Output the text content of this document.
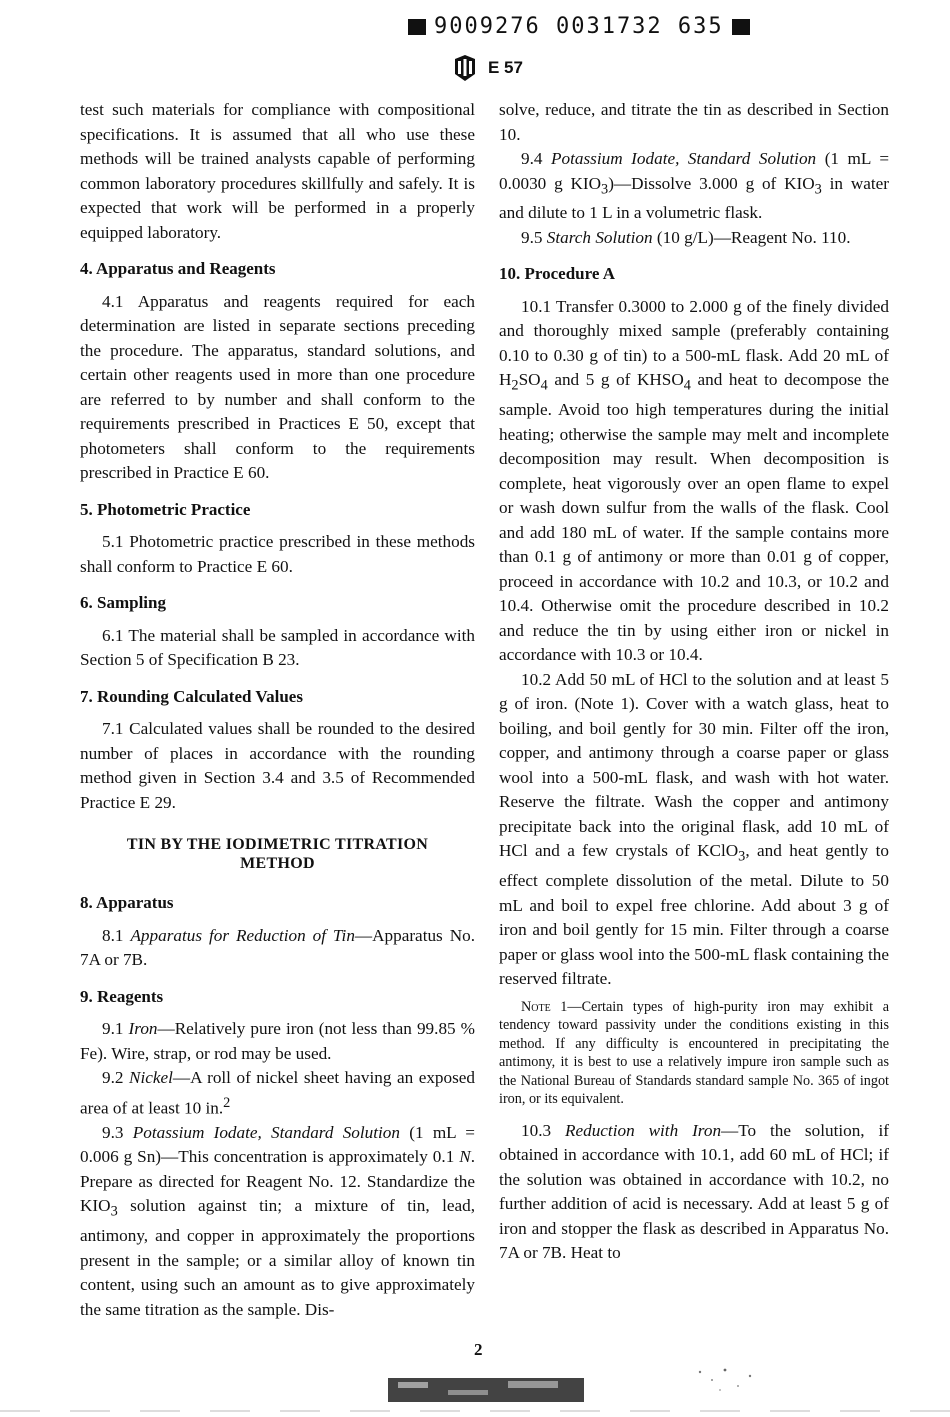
9009276 0031732 635
E 57

test such materials for compliance with compositional specifications. It is assumed that all who use these methods will be trained analysts capable of performing common laboratory procedures skillfully and safely. It is expected that work will be performed in a properly equipped laboratory.

4. Apparatus and Reagents

4.1 Apparatus and reagents required for each determination are listed in separate sections preceding the procedure. The apparatus, standard solutions, and certain other reagents used in more than one procedure are referred to by number and shall conform to the requirements prescribed in Practices E 50, except that photometers shall conform to the requirements prescribed in Practice E 60.

5. Photometric Practice

5.1 Photometric practice prescribed in these methods shall conform to Practice E 60.

6. Sampling

6.1 The material shall be sampled in accordance with Section 5 of Specification B 23.

7. Rounding Calculated Values

7.1 Calculated values shall be rounded to the desired number of places in accordance with the rounding method given in Section 3.4 and 3.5 of Recommended Practice E 29.

TIN BY THE IODIMETRIC TITRATION METHOD
8. Apparatus

8.1 Apparatus for Reduction of Tin—Apparatus No. 7A or 7B.

9. Reagents

9.1 Iron—Relatively pure iron (not less than 99.85 % Fe). Wire, strap, or rod may be used.

9.2 Nickel—A roll of nickel sheet having an exposed area of at least 10 in.$^2$

9.3 Potassium Iodate, Standard Solution (1 mL = 0.006 g Sn)—This concentration is approximately 0.1 N. Prepare as directed for Reagent No. 12. Standardize the $KIO_3$ solution against tin; a mixture of tin, lead, antimony, and copper in approximately the proportions present in the sample; or a similar alloy of known tin content, using such an amount as to give approximately the same titration as the sample. Dis-

solve, reduce, and titrate the tin as described in Section 10.

9.4 Potassium Iodate, Standard Solution (1 mL = 0.0030 g $KIO_3)—Dissolve$ 3.000 g of $KIO_3$ in water and dilute to 1 L in a volumetric flask.

9.5 Starch Solution (10 g/L)—Reagent No. 110.

10. Procedure A

10.1 Transfer 0.3000 to 2.000 g of the finely divided and thoroughly mixed sample (preferably containing 0.10 to 0.30 g of tin) to a 500-mL flask. Add 20 mL of $H_2SO_4$ and 5 g of $KHSO_4$ and heat to decompose the sample. Avoid too high temperatures during the initial heating; otherwise the sample may melt and incomplete decomposition may result. When decomposition is complete, heat vigorously over an open flame to expel or wash down sulfur from the walls of the flask. Cool and add 180 mL of water. If the sample contains more than 0.1 g of antimony or more than 0.01 g of copper, proceed in accordance with 10.2 and 10.3, or 10.2 and 10.4. Otherwise omit the procedure described in 10.2 and reduce the tin by using either iron or nickel in accordance with 10.3 or 10.4.

10.2 Add 50 mL of HCl to the solution and at least 5 g of iron. (Note 1). Cover with a watch glass, heat to boiling, and boil gently for 30 min. Filter off the iron, copper, and antimony through a coarse paper or glass wool into a 500-mL flask, and wash with hot water. Reserve the filtrate. Wash the copper and antimony precipitate back into the original flask, add 10 mL of HCl and a few crystals of KClO$_3$, and heat gently to effect complete dissolution of the metal. Dilute to 50 mL and boil to expel free chlorine. Add about 3 g of iron and boil gently for 15 min. Filter through a coarse paper or glass wool into the 500-mL flask containing the reserved filtrate.

Note 1—Certain types of high-purity iron may exhibit a tendency toward passivity under the conditions existing in this method. If any difficulty is encountered in precipitating the antimony, it is best to use a relatively impure iron sample such as the National Bureau of Standards standard sample No. 365 of ingot iron, or its equivalent.

10.3 Reduction with Iron—To the solution, if obtained in accordance with 10.1, add 60 mL of HCl; if the solution was obtained in accordance with 10.2, no further addition of acid is necessary. Add at least 5 g of iron and stopper the flask as described in Apparatus No. 7A or 7B. Heat to

2
